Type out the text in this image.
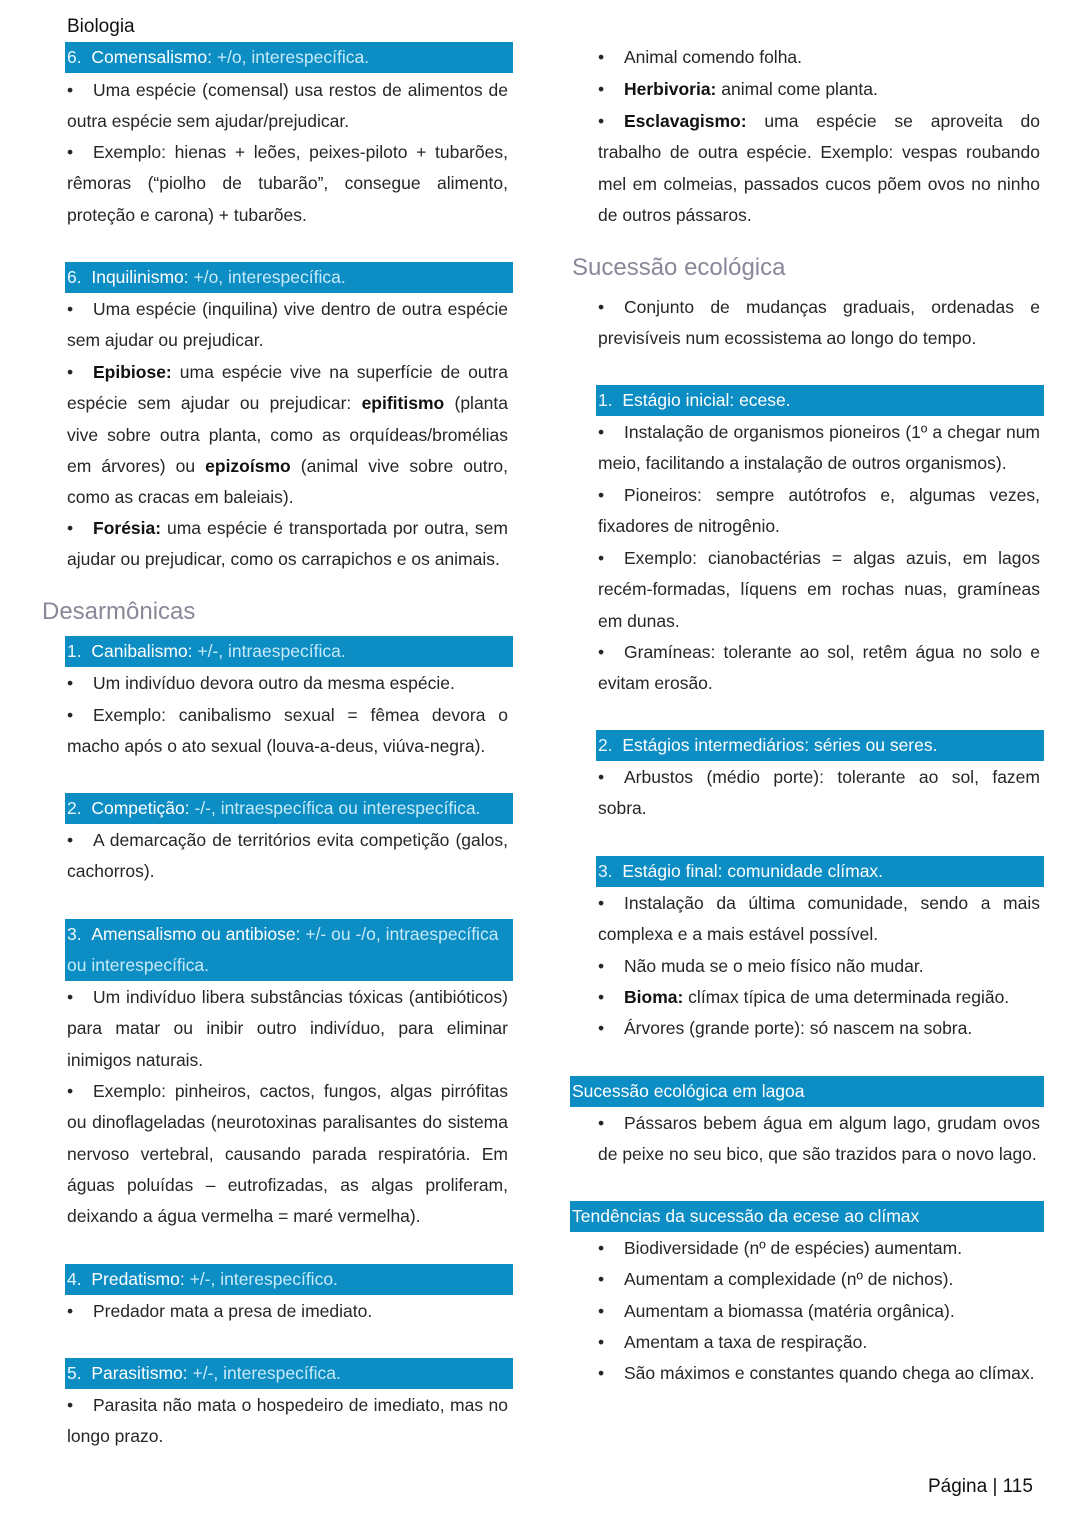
Biologia
6. Comensalismo: +/o, interespecífica.
• Uma espécie (comensal) usa restos de alimentos de outra espécie sem ajudar/prejudicar.
• Exemplo: hienas + leões, peixes-piloto + tubarões, rêmoras (“piolho de tubarão”, consegue alimento, proteção e carona) + tubarões.
6. Inquilinismo: +/o, interespecífica.
• Uma espécie (inquilina) vive dentro de outra espécie sem ajudar ou prejudicar.
• Epibiose: uma espécie vive na superfície de outra espécie sem ajudar ou prejudicar: epifitismo (planta vive sobre outra planta, como as orquídeas/bromélias em árvores) ou epizoísmo (animal vive sobre outro, como as cracas em baleiais).
• Forésia: uma espécie é transportada por outra, sem ajudar ou prejudicar, como os carrapichos e os animais.
Desarmônicas
1. Canibalismo: +/-, intraespecífica.
• Um indivíduo devora outro da mesma espécie.
• Exemplo: canibalismo sexual = fêmea devora o macho após o ato sexual (louva-a-deus, viúva-negra).
2. Competição: -/-, intraespecífica ou interespecífica.
• A demarcação de territórios evita competição (galos, cachorros).
3. Amensalismo ou antibiose: +/- ou -/o, intraespecífica ou interespecífica.
• Um indivíduo libera substâncias tóxicas (antibióticos) para matar ou inibir outro indivíduo, para eliminar inimigos naturais.
• Exemplo: pinheiros, cactos, fungos, algas pirrófitas ou dinoflageladas (neurotoxinas paralisantes do sistema nervoso vertebral, causando parada respiratória. Em águas poluídas – eutrofizadas, as algas proliferam, deixando a água vermelha = maré vermelha).
4. Predatismo: +/-, interespecífico.
• Predador mata a presa de imediato.
5. Parasitismo: +/-, interespecífica.
• Parasita não mata o hospedeiro de imediato, mas no longo prazo.
• Animal comendo folha.
• Herbivoria: animal come planta.
• Esclavagismo: uma espécie se aproveita do trabalho de outra espécie. Exemplo: vespas roubando mel em colmeias, passados cucos põem ovos no ninho de outros pássaros.
Sucessão ecológica
• Conjunto de mudanças graduais, ordenadas e previsíveis num ecossistema ao longo do tempo.
1. Estágio inicial: ecese.
• Instalação de organismos pioneiros (1º a chegar num meio, facilitando a instalação de outros organismos).
• Pioneiros: sempre autótrofos e, algumas vezes, fixadores de nitrogênio.
• Exemplo: cianobactérias = algas azuis, em lagos recém-formadas, líquens em rochas nuas, gramíneas em dunas.
• Gramíneas: tolerante ao sol, retêm água no solo e evitam erosão.
2. Estágios intermediários: séries ou seres.
• Arbustos (médio porte): tolerante ao sol, fazem sobra.
3. Estágio final: comunidade clímax.
• Instalação da última comunidade, sendo a mais complexa e a mais estável possível.
• Não muda se o meio físico não mudar.
• Bioma: clímax típica de uma determinada região.
• Árvores (grande porte): só nascem na sobra.
Sucessão ecológica em lagoa
• Pássaros bebem água em algum lago, grudam ovos de peixe no seu bico, que são trazidos para o novo lago.
Tendências da sucessão da ecese ao clímax
• Biodiversidade (nº de espécies) aumentam.
• Aumentam a complexidade (nº de nichos).
• Aumentam a biomassa (matéria orgânica).
• Amentam a taxa de respiração.
• São máximos e constantes quando chega ao clímax.
Página | 115
